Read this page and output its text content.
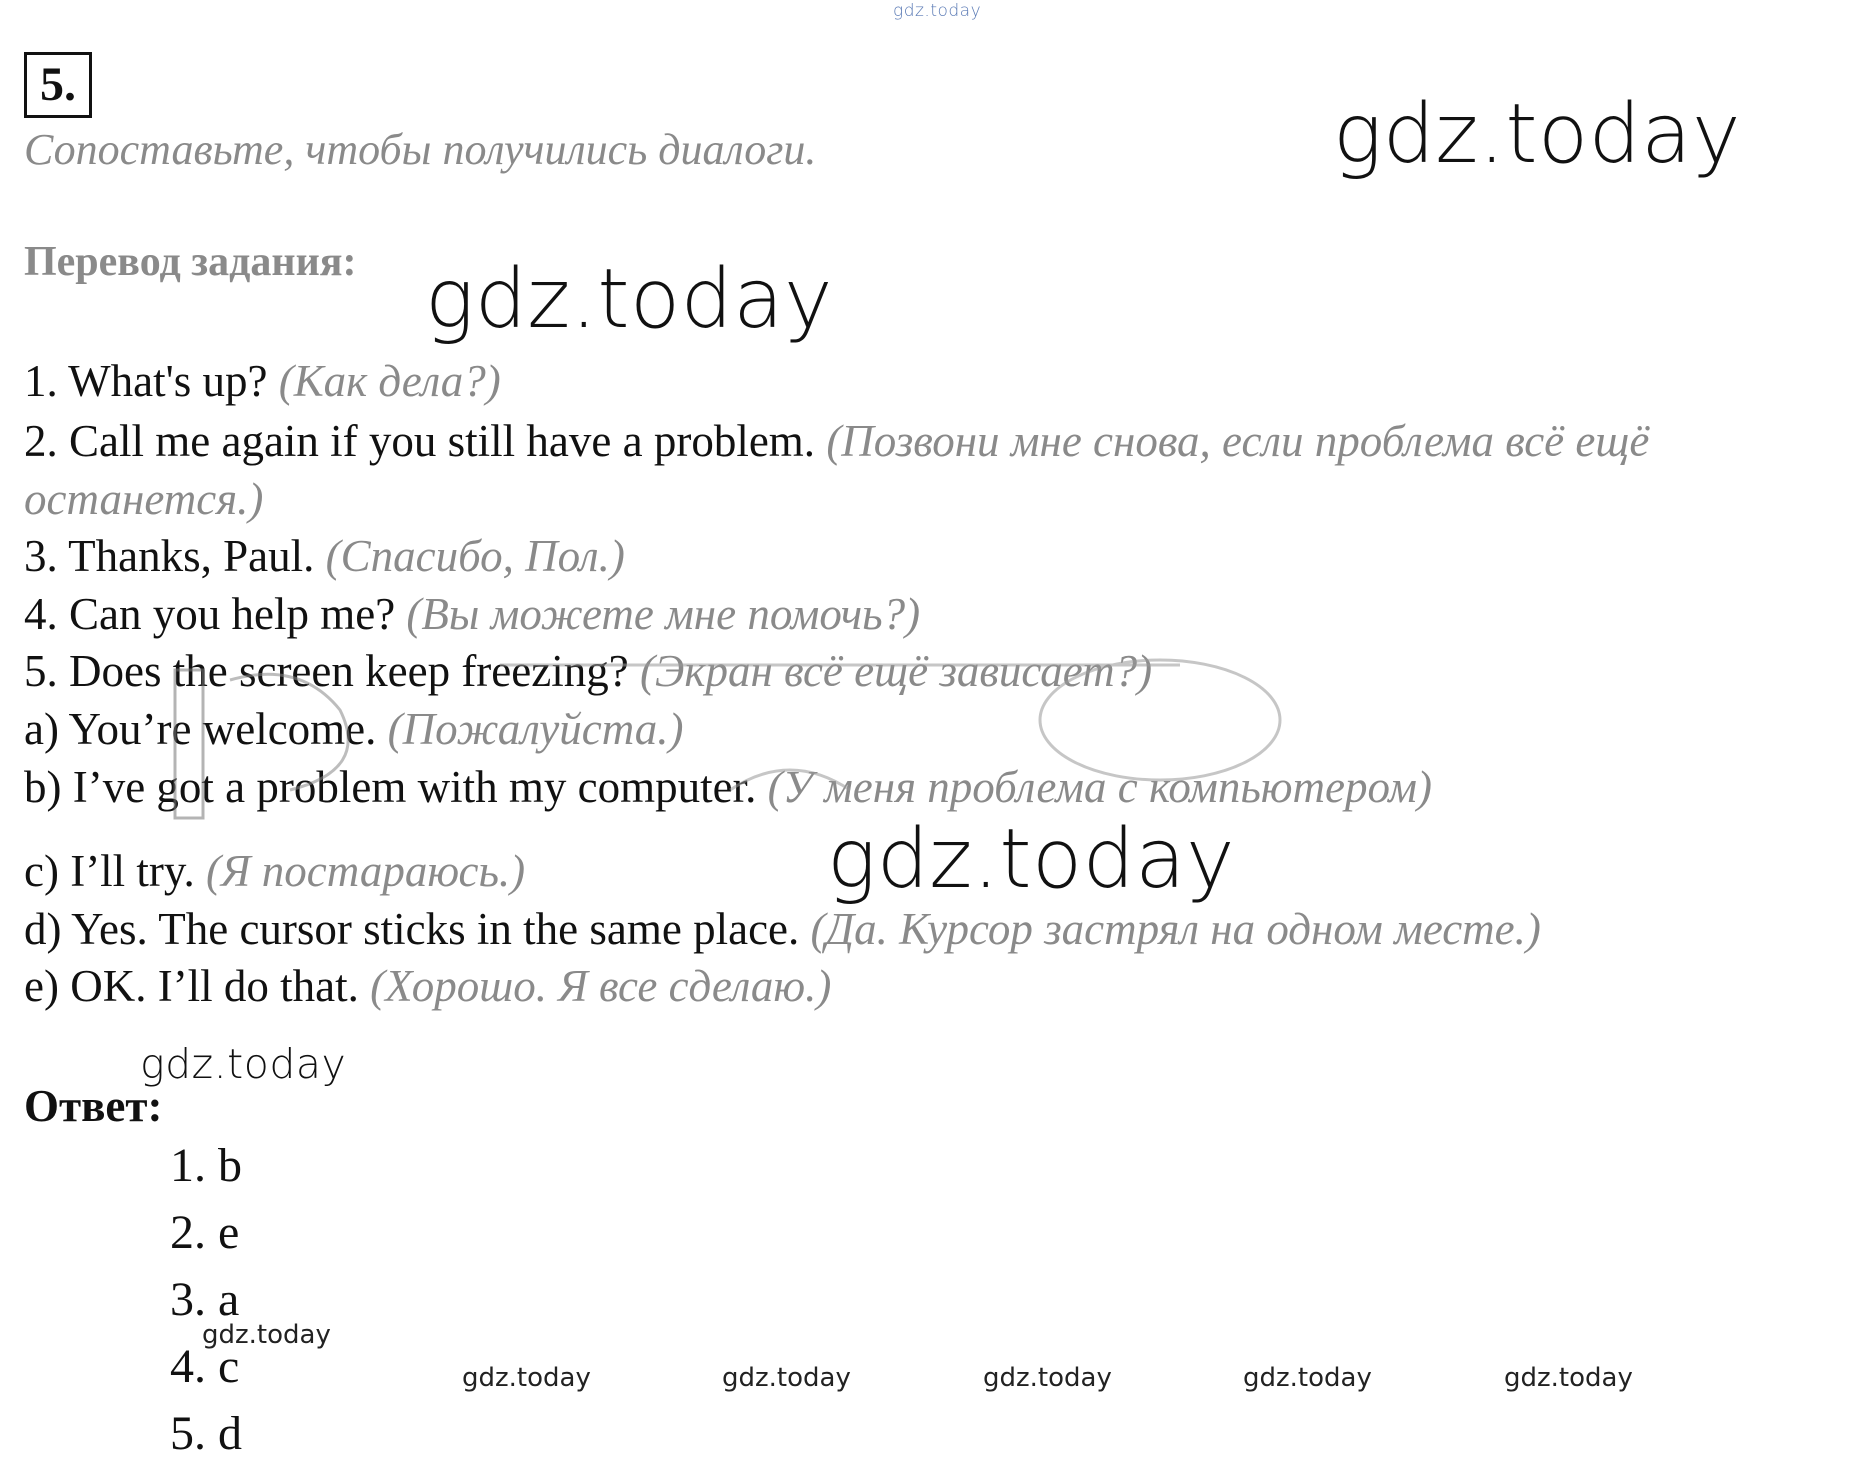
gdz.today
gdz.today
5.
Сопоставьте, чтобы получились диалоги.
Перевод задания: gdz.today
1. What's up? (Как дела?)
2. Call me again if you still have a problem. (Позвони мне снова, если проблема всё ещё останется.)
3. Thanks, Paul. (Спасибо, Пол.)
4. Can you help me? (Вы можете мне помочь?)
5. Does the screen keep freezing? (Экран всё ещё зависает?)
a) You’re welcome. (Пожалуйста.)
b) I’ve got a problem with my computer. (У меня проблема с компьютером)
gdz.today
c) I’ll try. (Я постараюсь.)
d) Yes. The cursor sticks in the same place. (Да. Курсор застрял на одном месте.)
e) OK. I’ll do that. (Хорошо. Я все сделаю.)
gdz.today
Ответ:
1. b
2. e
3. a
4. c
5. d
gdz.today
gdz.today	gdz.today	gdz.today	gdz.today	gdz.today
